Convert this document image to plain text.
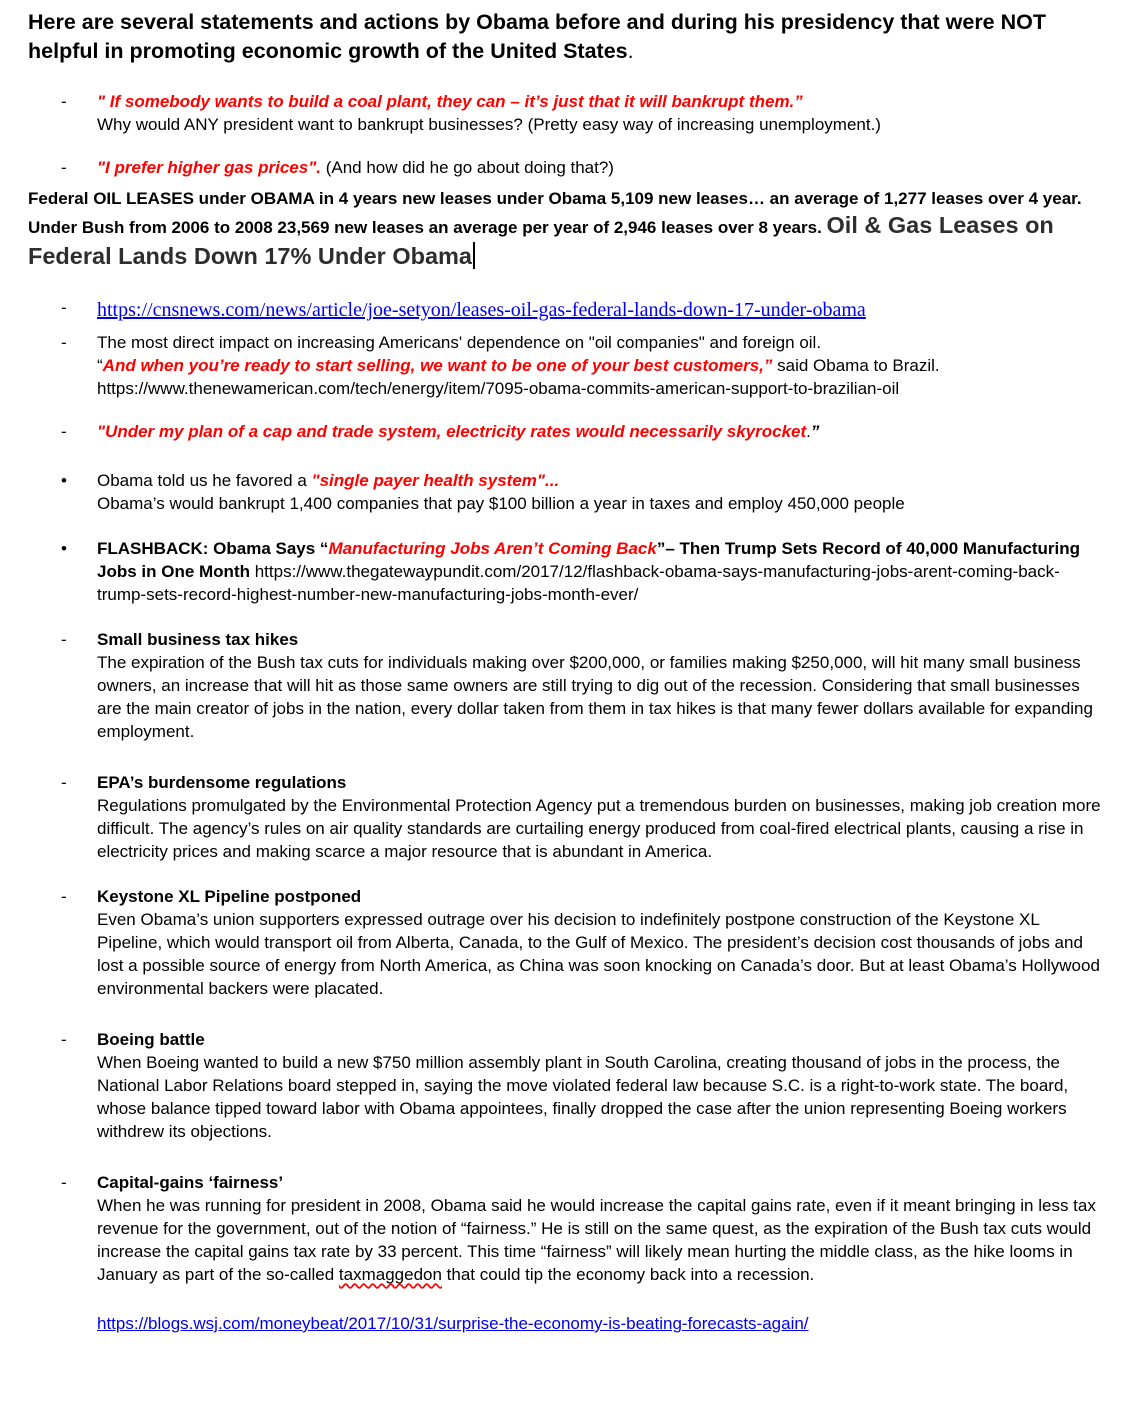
Here are several statements and actions by Obama before and during his presidency that were NOT helpful in promoting economic growth of the United States.

- " If somebody wants to build a coal plant, they can – it’s just that it will bankrupt them.”
Why would ANY president want to bankrupt businesses? (Pretty easy way of increasing unemployment.)

- "I prefer higher gas prices". (And how did he go about doing that?)

Federal OIL LEASES under OBAMA in 4 years new leases under Obama 5,109 new leases… an average of 1,277 leases over 4 year. Under Bush from 2006 to 2008 23,569 new leases an average per year of 2,946 leases over 8 years. Oil & Gas Leases on Federal Lands Down 17% Under Obama

- https://cnsnews.com/news/article/joe-setyon/leases-oil-gas-federal-lands-down-17-under-obama

- The most direct impact on increasing Americans' dependence on "oil companies" and foreign oil.
“And when you’re ready to start selling, we want to be one of your best customers,” said Obama to Brazil.
https://www.thenewamerican.com/tech/energy/item/7095-obama-commits-american-support-to-brazilian-oil

- "Under my plan of a cap and trade system, electricity rates would necessarily skyrocket.”

• Obama told us he favored a "single payer health system"...
Obama’s would bankrupt 1,400 companies that pay $100 billion a year in taxes and employ 450,000 people

• FLASHBACK: Obama Says “Manufacturing Jobs Aren’t Coming Back”– Then Trump Sets Record of 40,000 Manufacturing Jobs in One Month https://www.thegatewaypundit.com/2017/12/flashback-obama-says-manufacturing-jobs-arent-coming-back-trump-sets-record-highest-number-new-manufacturing-jobs-month-ever/

- Small business tax hikes
The expiration of the Bush tax cuts for individuals making over $200,000, or families making $250,000, will hit many small business owners, an increase that will hit as those same owners are still trying to dig out of the recession. Considering that small businesses are the main creator of jobs in the nation, every dollar taken from them in tax hikes is that many fewer dollars available for expanding employment.

- EPA’s burdensome regulations
Regulations promulgated by the Environmental Protection Agency put a tremendous burden on businesses, making job creation more difficult. The agency’s rules on air quality standards are curtailing energy produced from coal-fired electrical plants, causing a rise in electricity prices and making scarce a major resource that is abundant in America.

- Keystone XL Pipeline postponed
Even Obama’s union supporters expressed outrage over his decision to indefinitely postpone construction of the Keystone XL Pipeline, which would transport oil from Alberta, Canada, to the Gulf of Mexico. The president’s decision cost thousands of jobs and lost a possible source of energy from North America, as China was soon knocking on Canada’s door. But at least Obama’s Hollywood environmental backers were placated.

- Boeing battle
When Boeing wanted to build a new $750 million assembly plant in South Carolina, creating thousand of jobs in the process, the National Labor Relations board stepped in, saying the move violated federal law because S.C. is a right-to-work state. The board, whose balance tipped toward labor with Obama appointees, finally dropped the case after the union representing Boeing workers withdrew its objections.

- Capital-gains ‘fairness’
When he was running for president in 2008, Obama said he would increase the capital gains rate, even if it meant bringing in less tax revenue for the government, out of the notion of “fairness.” He is still on the same quest, as the expiration of the Bush tax cuts would increase the capital gains tax rate by 33 percent. This time “fairness” will likely mean hurting the middle class, as the hike looms in January as part of the so-called taxmaggedon that could tip the economy back into a recession.

https://blogs.wsj.com/moneybeat/2017/10/31/surprise-the-economy-is-beating-forecasts-again/
